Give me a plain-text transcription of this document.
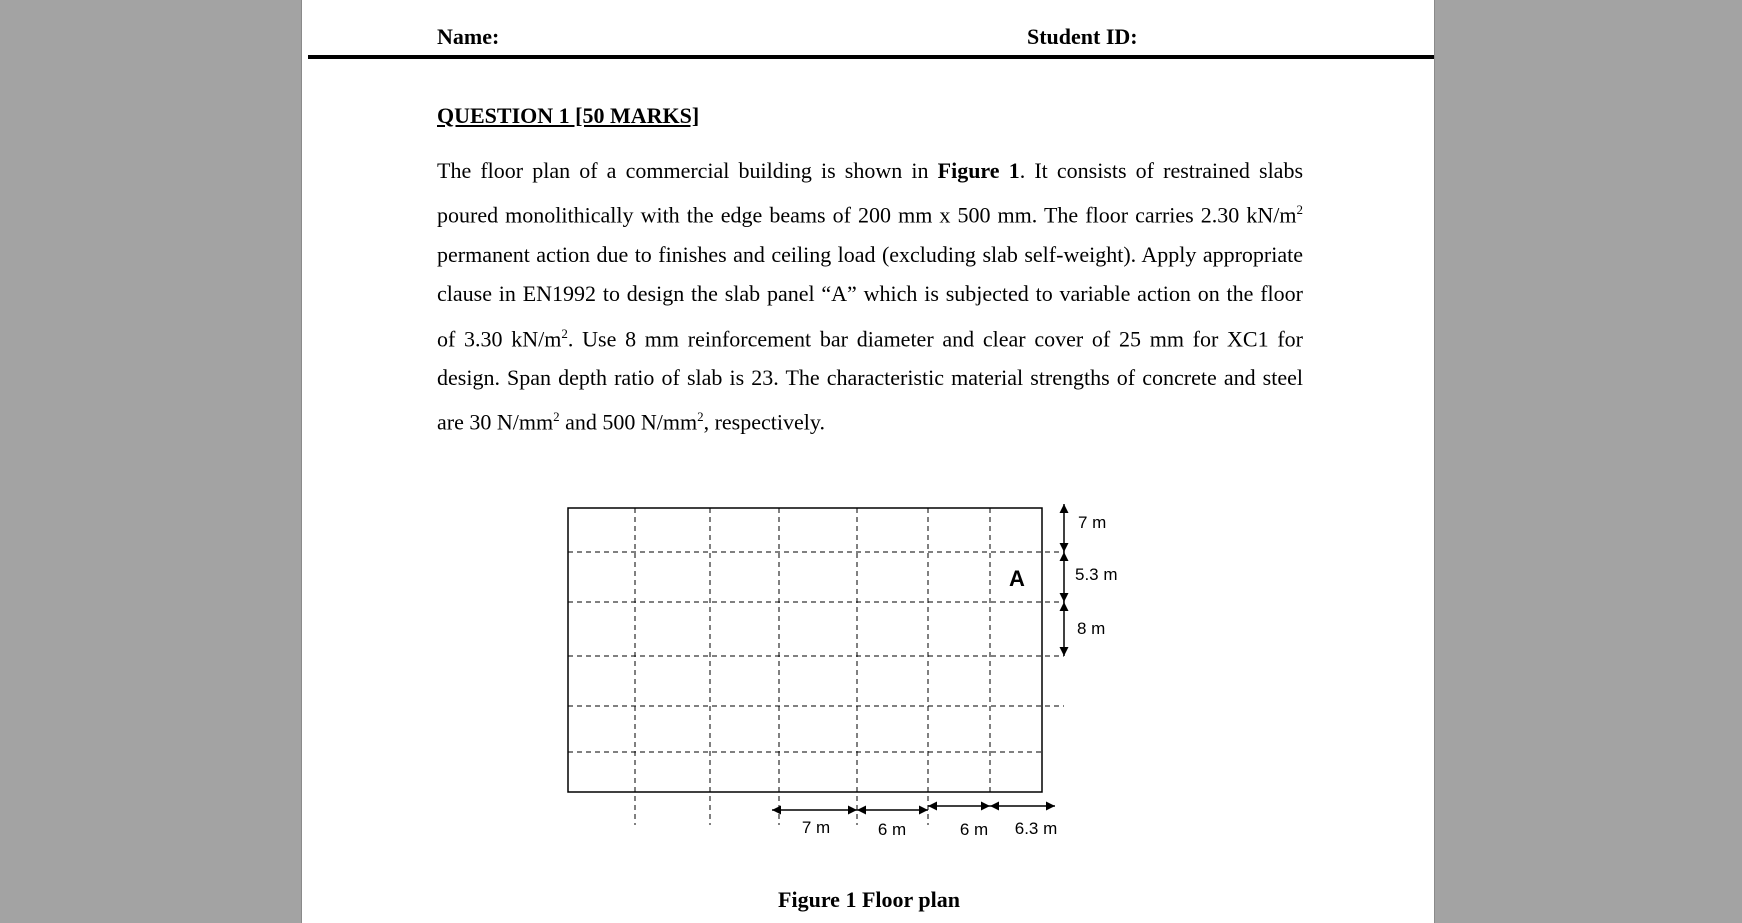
Name:	Student ID:
QUESTION 1 [50 MARKS]
The floor plan of a commercial building is shown in Figure 1. It consists of restrained slabs poured monolithically with the edge beams of 200 mm x 500 mm. The floor carries 2.30 $kN/m^2$ permanent action due to finishes and ceiling load (excluding slab self-weight). Apply appropriate clause in EN1992 to design the slab panel “A” which is subjected to variable action on the floor of 3.30 $kN/m^2$. Use 8 mm reinforcement bar diameter and clear cover of 25 mm for XC1 for design. Span depth ratio of slab is 23. The characteristic material strengths of concrete and steel are 30 $N/mm^2$ and 500 $N/mm^2$, respectively.
A
7 m
5.3 m
8 m
7 m	6 m	6 m 6.3 m
Figure 1 Floor plan
